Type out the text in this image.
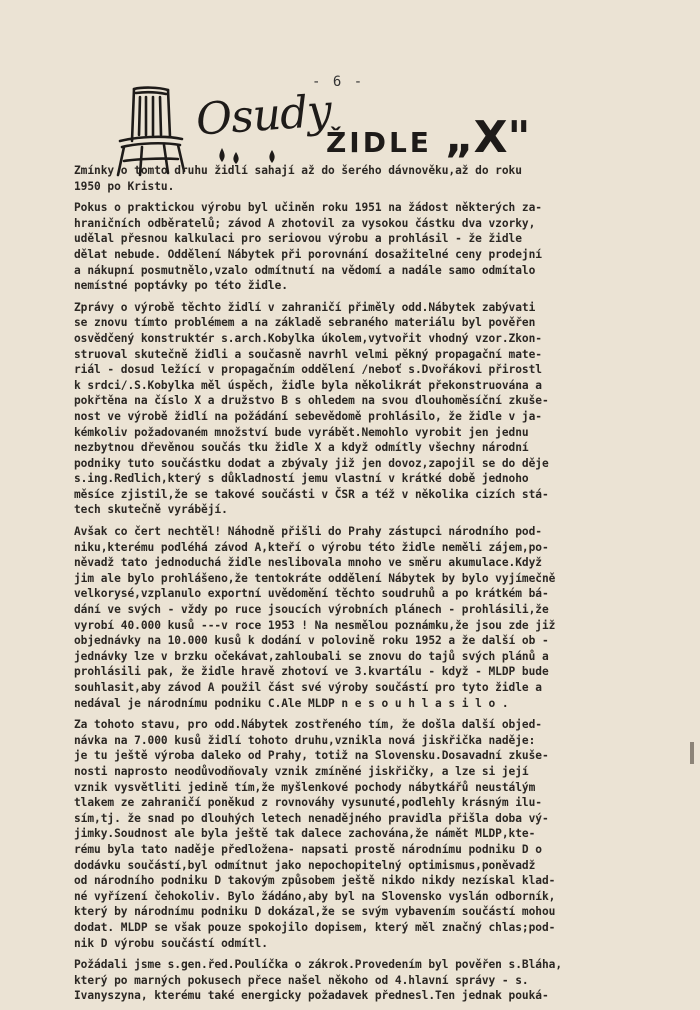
- 6 -
Osudy
ŽIDLE „X"

Zmínky o tomto druhu židlí sahají až do šerého dávnověku,až do roku
1950 po Kristu.

Pokus o praktickou výrobu byl učiněn roku 1951 na žádost některých za-
hraničních odběratelů; závod A zhotovil za vysokou částku dva vzorky,
udělal přesnou kalkulaci pro seriovou výrobu a prohlásil - že židle
dělat nebude. Oddělení Nábytek při porovnání dosažitelné ceny prodejní
a nákupní posmutnělo,vzalo odmítnutí na vědomí a nadále samo odmítalo
nemístné poptávky po této židle.

Zprávy o výrobě těchto židlí v zahraničí přiměly odd.Nábytek zabývati
se znovu tímto problémem a na základě sebraného materiálu byl pověřen
osvědčený konstruktér s.arch.Kobylka úkolem,vytvořit vhodný vzor.Zkon-
struoval skutečně židli a současně navrhl velmi pěkný propagační mate-
riál - dosud ležící v propagačním oddělení /neboť s.Dvořákovi přirostl
k srdci/.S.Kobylka měl úspěch, židle byla několikrát překonstruována a
pokřtěna na číslo X a družstvo B s ohledem na svou dlouhoměsíční zkuše-
nost ve výrobě židlí na požádání sebevědomě prohlásilo, že židle v ja-
kémkoliv požadovaném množství bude vyrábět.Nemohlo vyrobit jen jednu
nezbytnou dřevěnou součás tku židle X a když odmítly všechny národní
podniky tuto součástku dodat a zbývaly již jen dovoz,zapojil se do děje
s.ing.Redlich,který s důkladností jemu vlastní v krátké době jednoho
měsíce zjistil,že se takové součásti v ČSR a též v několika cizích stá-
tech skutečně vyrábějí.

Avšak co čert nechtěl! Náhodně přišli do Prahy zástupci národního pod-
niku,kterému podléhá závod A,kteří o výrobu této židle neměli zájem,po-
něvadž tato jednoduchá židle neslibovala mnoho ve směru akumulace.Když
jim ale bylo prohlášeno,že tentokráte oddělení Nábytek by bylo vyjímečně
velkorysé,vzplanulo exportní uvědomění těchto soudruhů a po krátkém bá-
dání ve svých - vždy po ruce jsoucích výrobních plánech - prohlásili,že
vyrobí 40.000 kusů ---v roce 1953 ! Na nesmělou poznámku,že jsou zde již
objednávky na 10.000 kusů k dodání v polovině roku 1952 a že další ob -
jednávky lze v brzku očekávat,zahloubali se znovu do tajů svých plánů a
prohlásili pak, že židle hravě zhotoví ve 3.kvartálu - když - MLDP bude
souhlasit,aby závod A použil část své výroby součástí pro tyto židle a
nedával je národnímu podniku C.Ale MLDP n e s o u h l a s i l o .

Za tohoto stavu, pro odd.Nábytek zostřeného tím, že došla další objed-
návka na 7.000 kusů židlí tohoto druhu,vznikla nová jiskřička naděje:
je tu ještě výroba daleko od Prahy, totiž na Slovensku.Dosavadní zkuše-
nosti naprosto neodůvodňovaly vznik zmíněné jiskřičky, a lze si její
vznik vysvětliti jedině tím,že myšlenkové pochody nábytkářů neustálým
tlakem ze zahraničí poněkud z rovnováhy vysunuté,podlehly krásným ilu-
sím,tj. že snad po dlouhých letech nenadějného pravidla přišla doba vý-
jimky.Soudnost ale byla ještě tak dalece zachována,že námět MLDP,kte-
rému byla tato naděje předložena- napsati prostě národnímu podniku D o
dodávku součástí,byl odmítnut jako nepochopitelný optimismus,poněvadž
od národního podniku D takovým způsobem ještě nikdo nikdy nezískal klad-
né vyřízení čehokoliv. Bylo žádáno,aby byl na Slovensko vyslán odborník,
který by národnímu podniku D dokázal,že se svým vybavením součástí mohou
dodat. MLDP se však pouze spokojilo dopisem, který měl značný chlas;pod-
nik D výrobu součástí odmítl.

Požádali jsme s.gen.řed.Poulíčka o zákrok.Provedením byl pověřen s.Bláha,
který po marných pokusech přece našel někoho od 4.hlavní správy - s.
Ivanyszyna, kterému také energicky požadavek přednesl.Ten jednak pouká-
